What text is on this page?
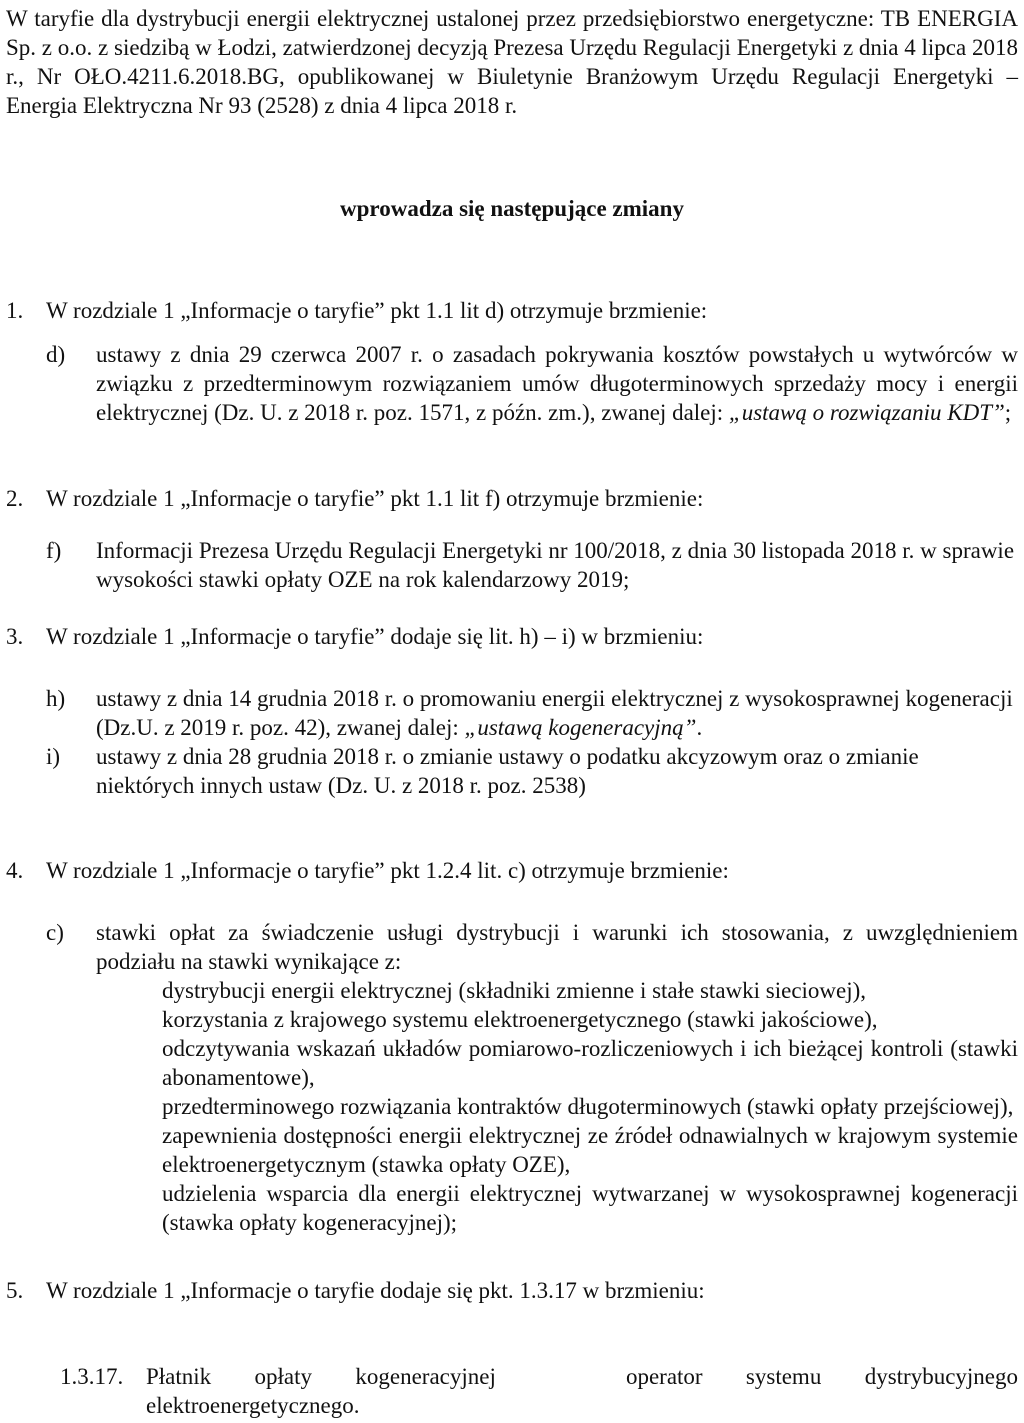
W taryfie dla dystrybucji energii elektrycznej ustalonej przez przedsiębiorstwo energetyczne: TB ENERGIA Sp. z o.o. z siedzibą w Łodzi, zatwierdzonej decyzją Prezesa Urzędu Regulacji Energetyki z dnia 4 lipca 2018 r., Nr OŁO.4211.6.2018.BG, opublikowanej w Biuletynie Branżowym Urzędu Regulacji Energetyki – Energia Elektryczna Nr 93 (2528) z dnia 4 lipca 2018 r.

wprowadza się następujące zmiany

1. W rozdziale 1 „Informacje o taryfie” pkt 1.1 lit d) otrzymuje brzmienie:
d) ustawy z dnia 29 czerwca 2007 r. o zasadach pokrywania kosztów powstałych u wytwórców w związku z przedterminowym rozwiązaniem umów długoterminowych sprzedaży mocy i energii elektrycznej (Dz. U. z 2018 r. poz. 1571, z późn. zm.), zwanej dalej: „ustawą o rozwiązaniu KDT”;

2. W rozdziale 1 „Informacje o taryfie” pkt 1.1 lit f) otrzymuje brzmienie:
f) Informacji Prezesa Urzędu Regulacji Energetyki nr 100/2018, z dnia 30 listopada 2018 r. w sprawie wysokości stawki opłaty OZE na rok kalendarzowy 2019;

3. W rozdziale 1 „Informacje o taryfie” dodaje się lit. h) – i) w brzmieniu:
h) ustawy z dnia 14 grudnia 2018 r. o promowaniu energii elektrycznej z wysokosprawnej kogeneracji (Dz.U. z 2019 r. poz. 42), zwanej dalej: „ustawą kogeneracyjną”.

i) ustawy z dnia 28 grudnia 2018 r. o zmianie ustawy o podatku akcyzowym oraz o zmianie niektórych innych ustaw (Dz. U. z 2018 r. poz. 2538)

4. W rozdziale 1 „Informacje o taryfie” pkt 1.2.4 lit. c) otrzymuje brzmienie:
c) stawki opłat za świadczenie usługi dystrybucji i warunki ich stosowania, z uwzględnieniem podziału na stawki wynikające z:

dystrybucji energii elektrycznej (składniki zmienne i stałe stawki sieciowej),

korzystania z krajowego systemu elektroenergetycznego (stawki jakościowe),

odczytywania wskazań układów pomiarowo-rozliczeniowych i ich bieżącej kontroli (stawki abonamentowe),

przedterminowego rozwiązania kontraktów długoterminowych (stawki opłaty przejściowej),

zapewnienia dostępności energii elektrycznej ze źródeł odnawialnych w krajowym systemie elektroenergetycznym (stawka opłaty OZE),

udzielenia wsparcia dla energii elektrycznej wytwarzanej w wysokosprawnej kogeneracji (stawka opłaty kogeneracyjnej);

5. W rozdziale 1 „Informacje o taryfie dodaje się pkt. 1.3.17 w brzmieniu:

1.3.17. Płatnik   opłaty   kogeneracyjnej         operator   systemu   dystrybucyjnego elektroenergetycznego.
